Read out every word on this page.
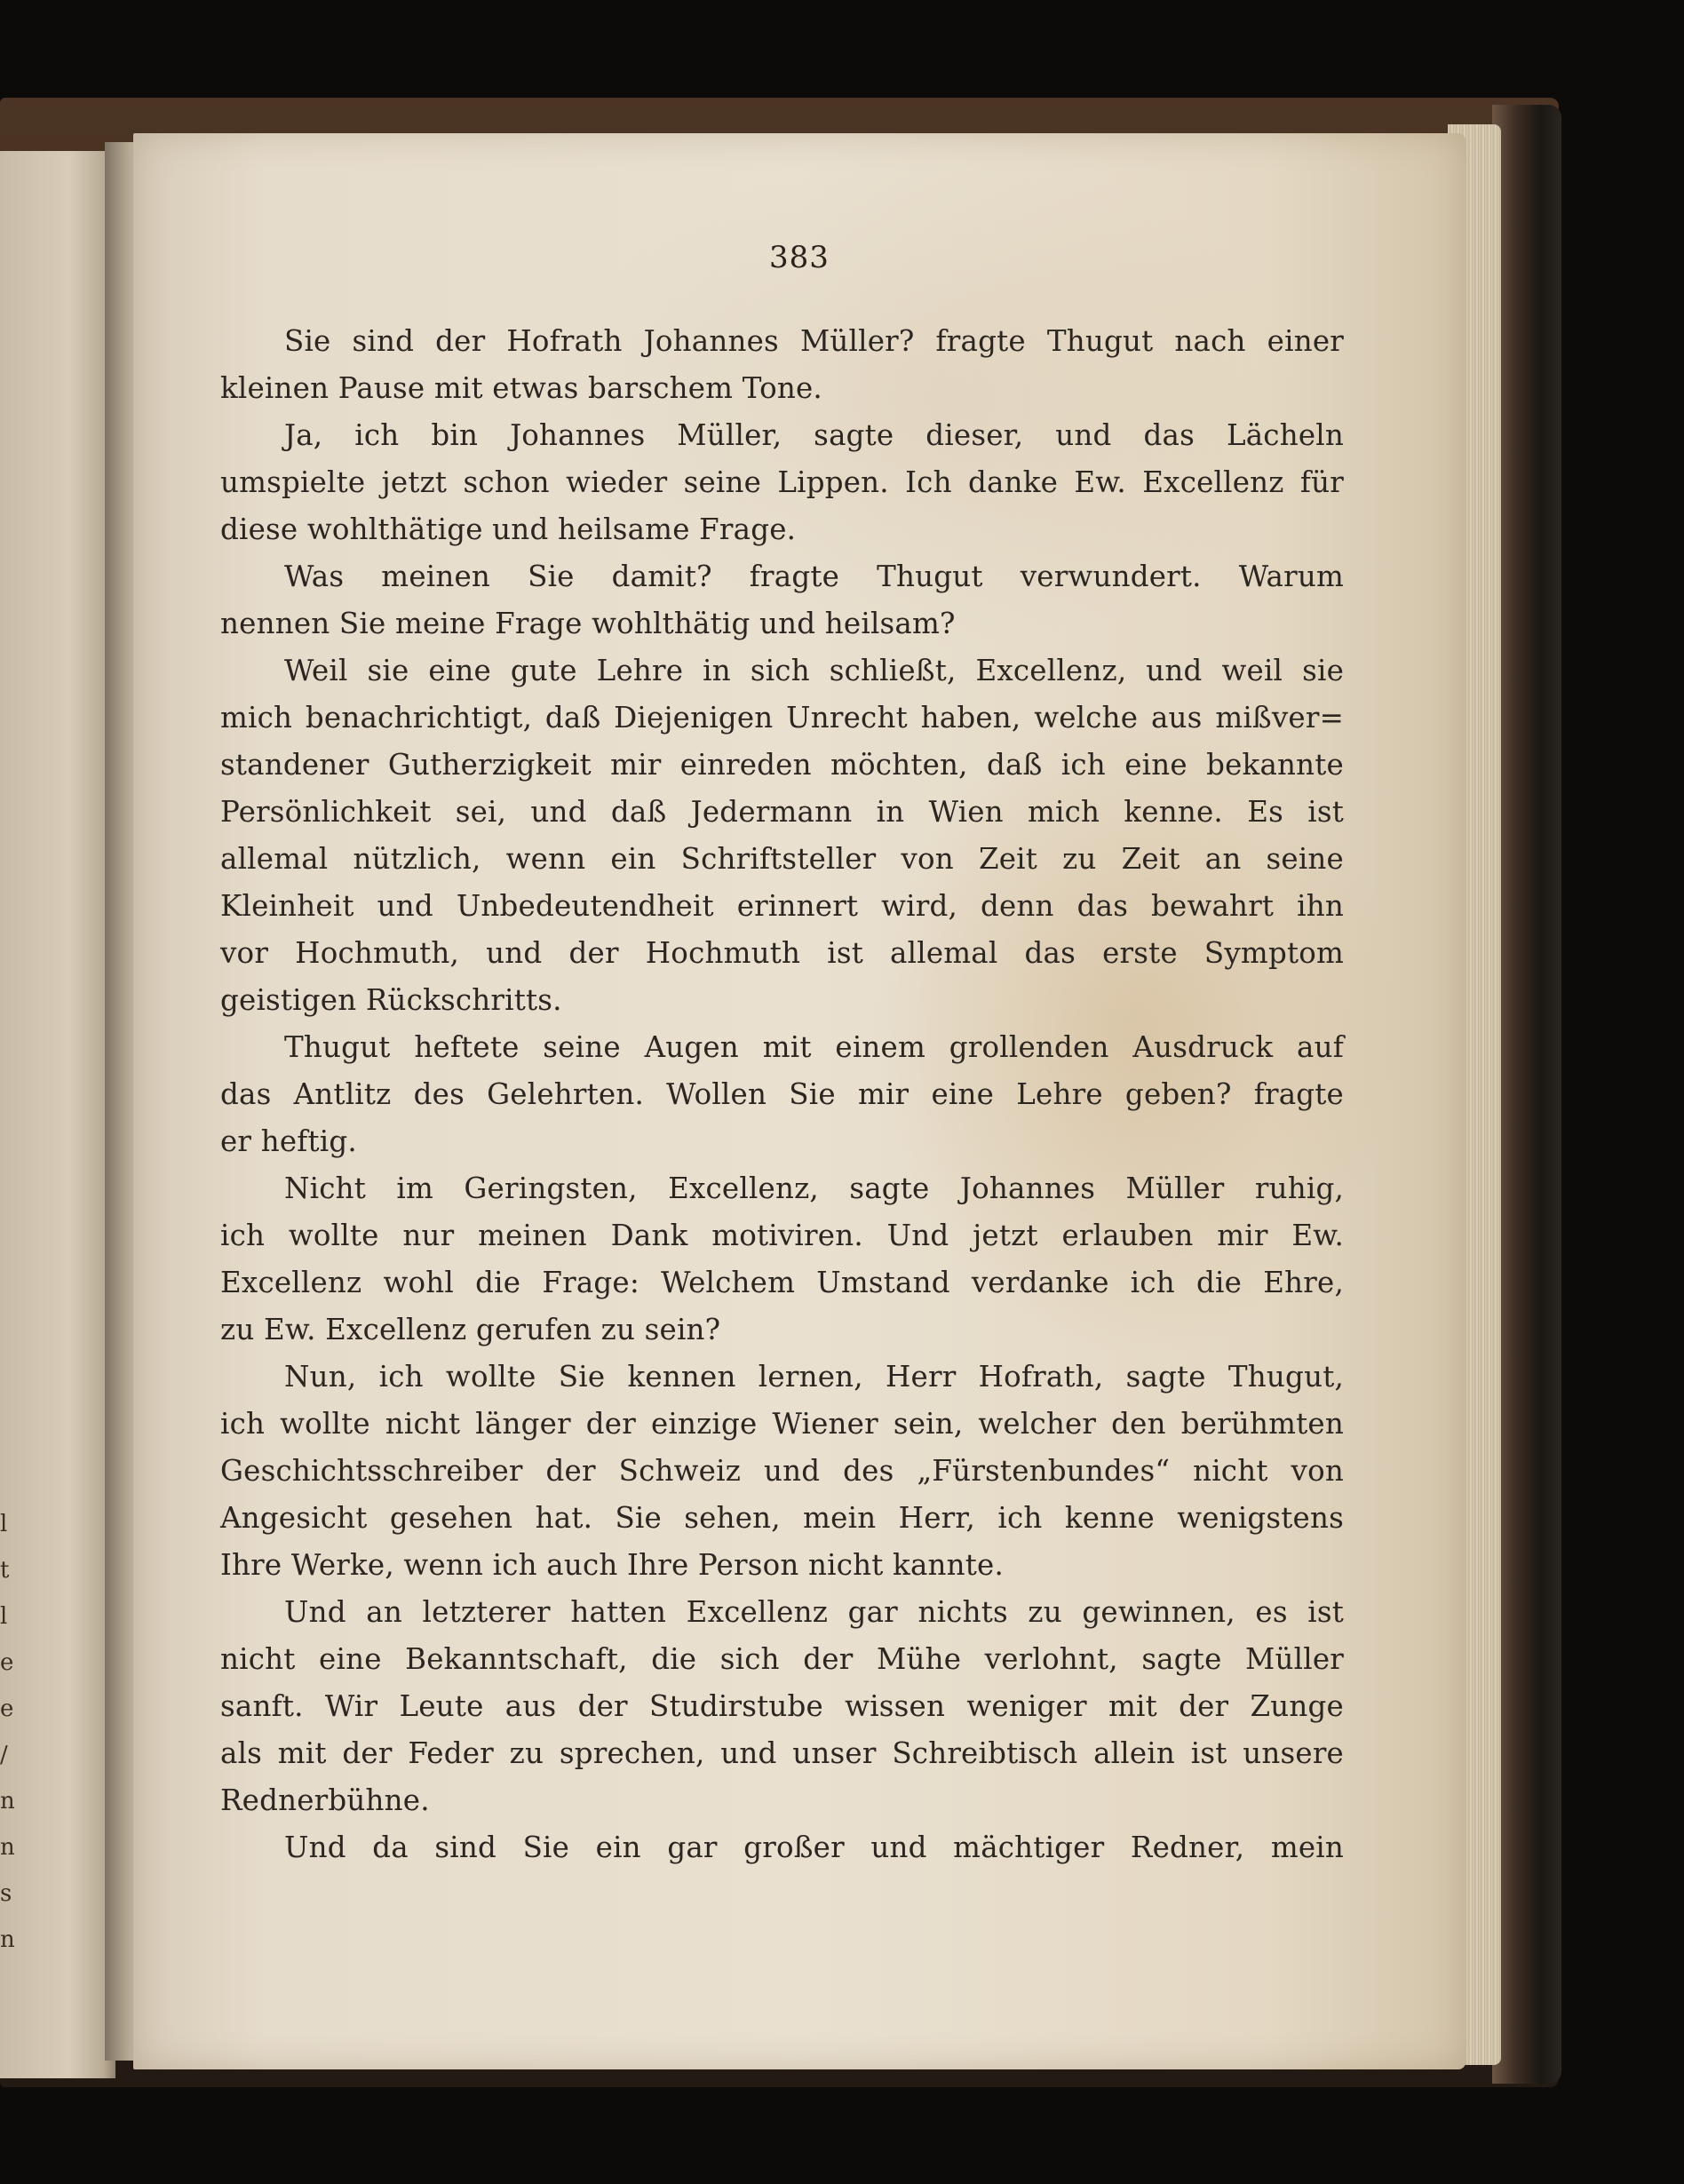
l
t
l
e
e
/
n
n
s
n
383
Sie sind der Hofrath Johannes Müller? fragte Thugut nach einer
kleinen Pause mit etwas barschem Tone.
Ja, ich bin Johannes Müller, sagte dieser, und das Lächeln
umspielte jetzt schon wieder seine Lippen. Ich danke Ew. Excellenz für
diese wohlthätige und heilsame Frage.
Was meinen Sie damit? fragte Thugut verwundert. Warum
nennen Sie meine Frage wohlthätig und heilsam?
Weil sie eine gute Lehre in sich schließt, Excellenz, und weil sie
mich benachrichtigt, daß Diejenigen Unrecht haben, welche aus mißver=
standener Gutherzigkeit mir einreden möchten, daß ich eine bekannte
Persönlichkeit sei, und daß Jedermann in Wien mich kenne. Es ist
allemal nützlich, wenn ein Schriftsteller von Zeit zu Zeit an seine
Kleinheit und Unbedeutendheit erinnert wird, denn das bewahrt ihn
vor Hochmuth, und der Hochmuth ist allemal das erste Symptom
geistigen Rückschritts.
Thugut heftete seine Augen mit einem grollenden Ausdruck auf
das Antlitz des Gelehrten. Wollen Sie mir eine Lehre geben? fragte
er heftig.
Nicht im Geringsten, Excellenz, sagte Johannes Müller ruhig,
ich wollte nur meinen Dank motiviren. Und jetzt erlauben mir Ew.
Excellenz wohl die Frage: Welchem Umstand verdanke ich die Ehre,
zu Ew. Excellenz gerufen zu sein?
Nun, ich wollte Sie kennen lernen, Herr Hofrath, sagte Thugut,
ich wollte nicht länger der einzige Wiener sein, welcher den berühmten
Geschichtsschreiber der Schweiz und des „Fürstenbundes“ nicht von
Angesicht gesehen hat. Sie sehen, mein Herr, ich kenne wenigstens
Ihre Werke, wenn ich auch Ihre Person nicht kannte.
Und an letzterer hatten Excellenz gar nichts zu gewinnen, es ist
nicht eine Bekanntschaft, die sich der Mühe verlohnt, sagte Müller
sanft. Wir Leute aus der Studirstube wissen weniger mit der Zunge
als mit der Feder zu sprechen, und unser Schreibtisch allein ist unsere
Rednerbühne.
Und da sind Sie ein gar großer und mächtiger Redner, mein
